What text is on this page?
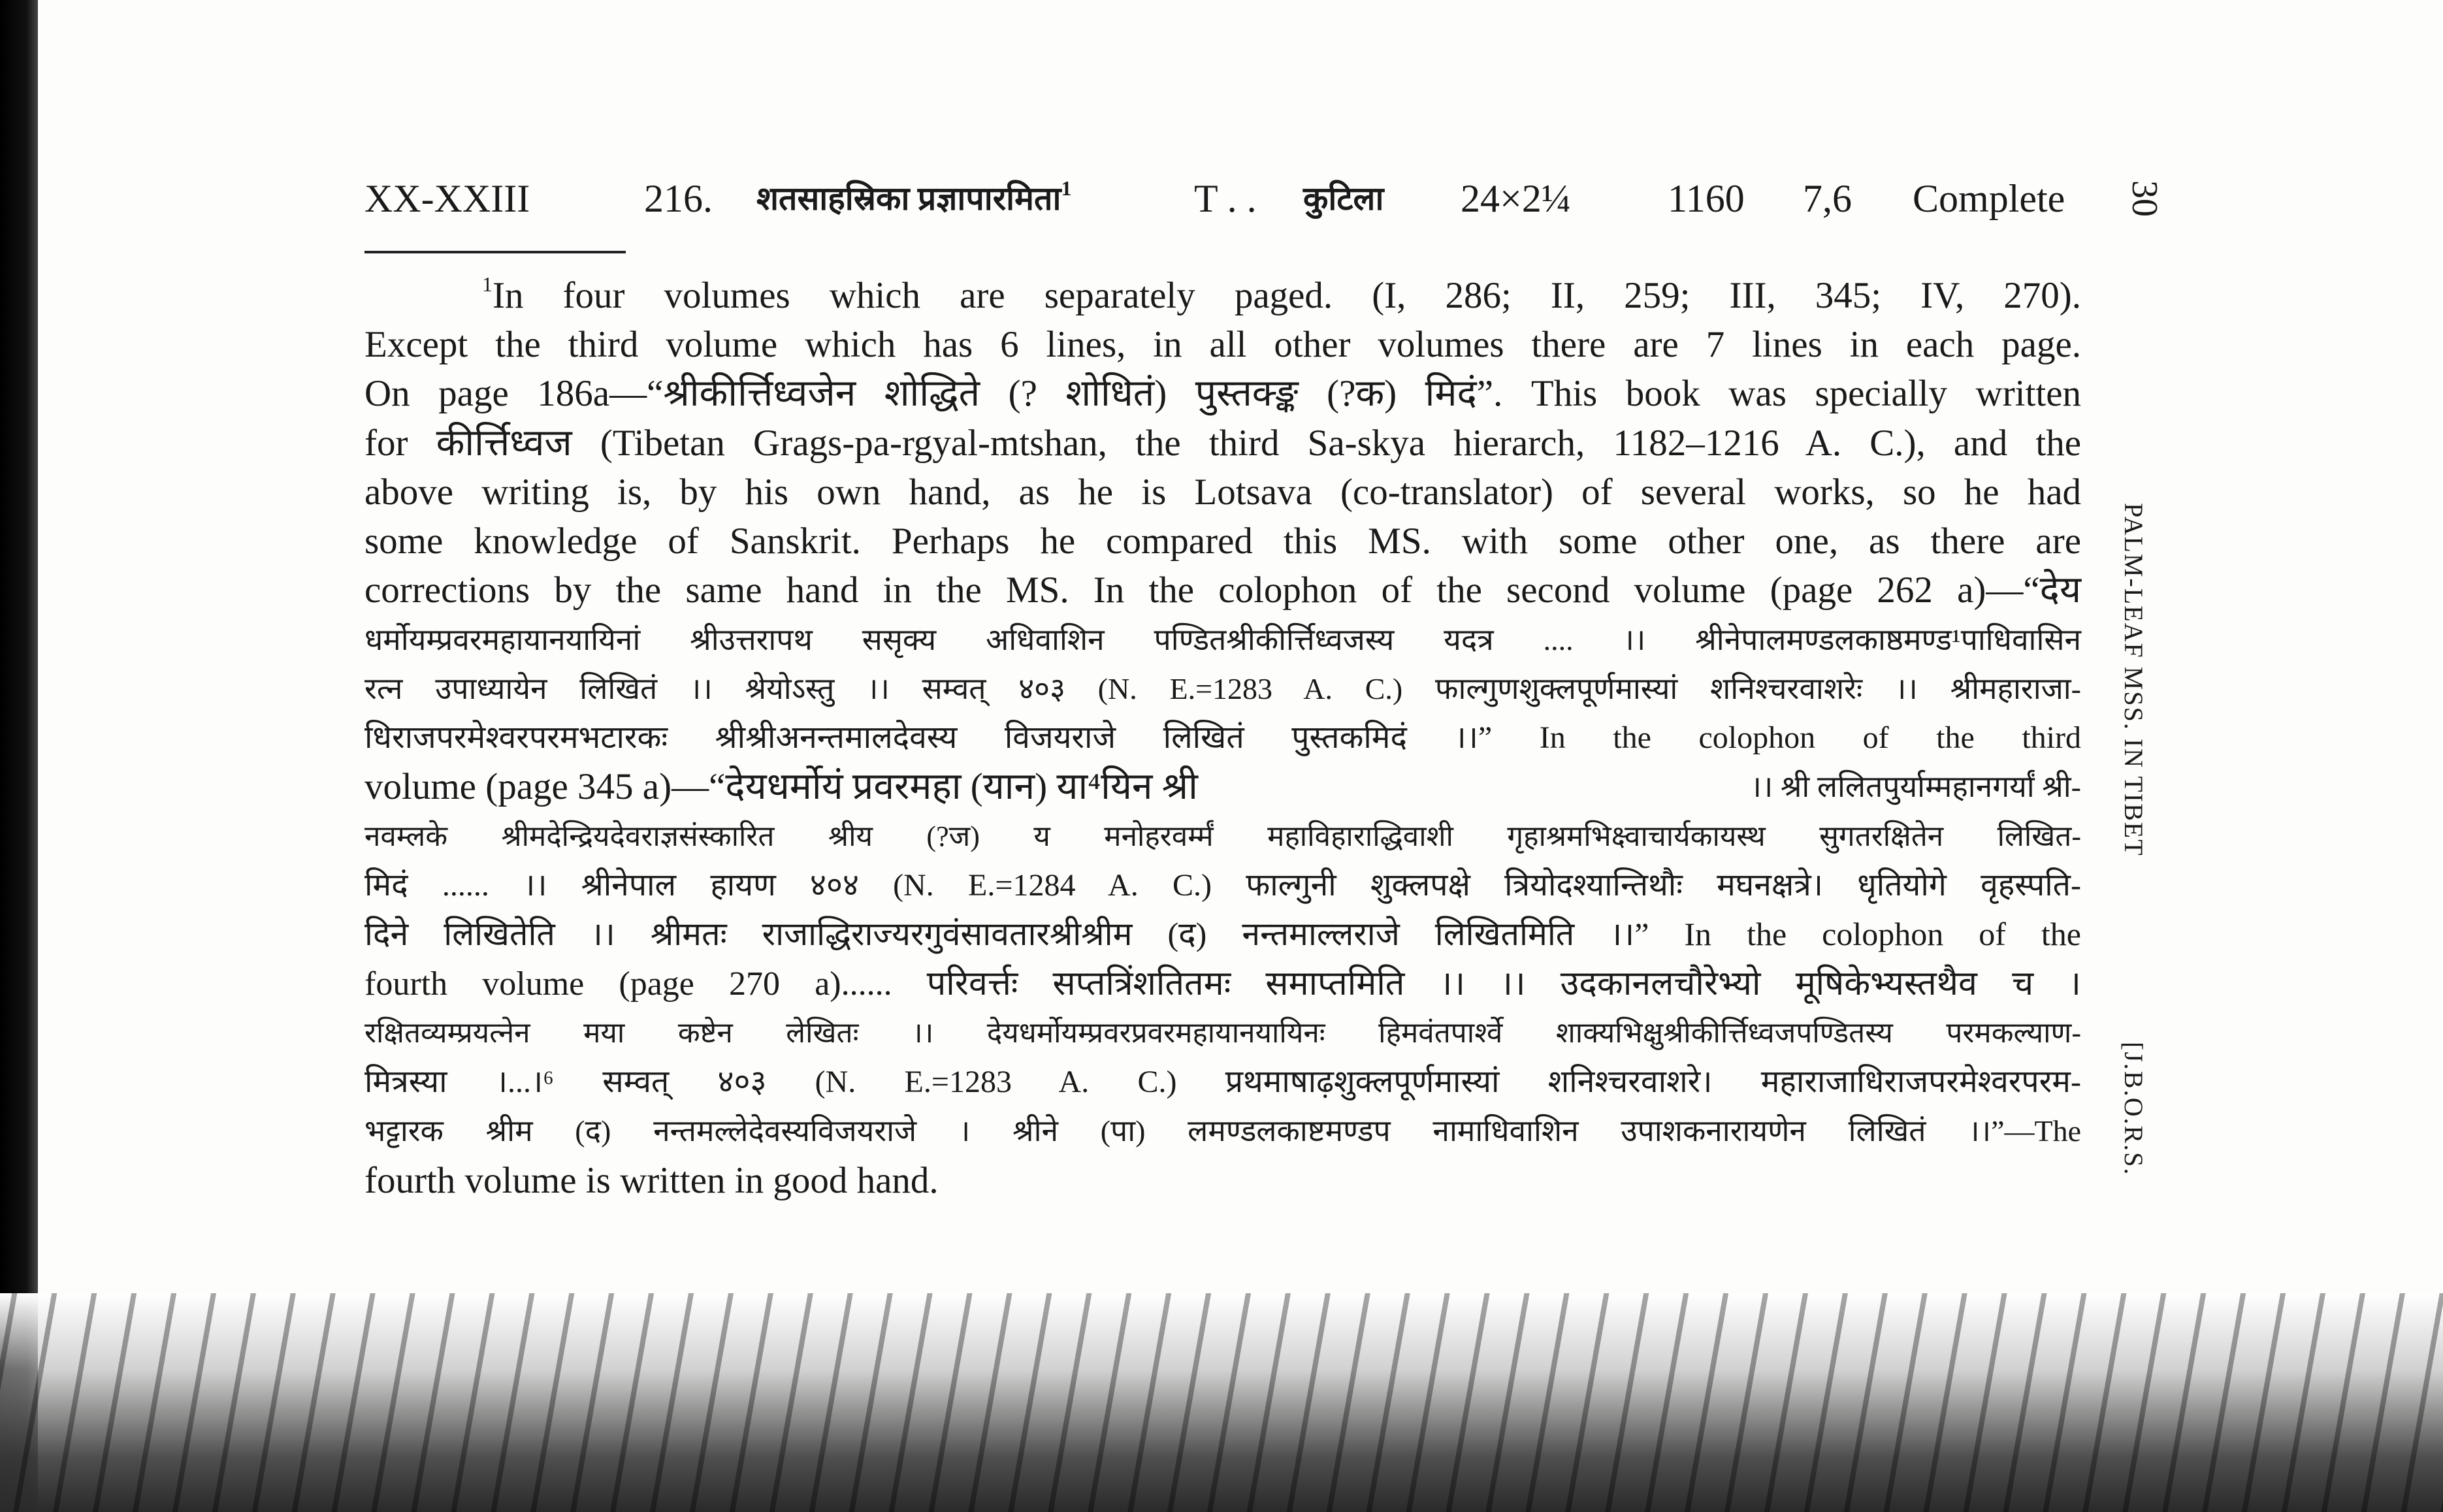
XX-XXIII	216. शतसाहस्रिका प्रज्ञापारमिता$^1$	T . . कुटिला 24×2¼ 1160 7,6 Complete 30
$^1$In four volumes which are separately paged. (I, 286; II, 259; III, 345; IV, 270).
Except the third volume which has 6 lines, in all other volumes there are 7 lines in each page.
On page 186a—“श्रीकीर्त्तिध्वजेन शोद्धिते (? शोधितं) पुस्तक्ङ्क (?क) मिदं”. This book was specially written
for कीर्त्तिध्वज (Tibetan Grags-pa-rgyal-mtshan, the third Sa-skya hierarch, 1182–1216 A. C.), and the
above writing is, by his own hand, as he is Lotsava (co-translator) of several works, so he had
some knowledge of Sanskrit. Perhaps he compared this MS. with some other one, as there are
corrections by the same hand in the MS. In the colophon of the second volume (page 262 a)—“देय
धर्मोयम्प्रवरमहायानयायिनां श्रीउत्तरापथ ससृक्य अधिवाशिन पण्डितश्रीकीर्त्तिध्वजस्य यदत्र .... ।। श्रीनेपालमण्डलकाष्ठमण्ड¹पाधिवासिन
रत्न उपाध्यायेन लिखितं ।। श्रेयोऽस्तु ।। सम्वत् ४०३ (N. E.=1283 A. C.) फाल्गुणशुक्लपूर्णमास्यां शनिश्चरवाशरेः ।। श्रीमहाराजा-
धिराजपरमेश्वरपरमभटारकः श्रीश्रीअनन्तमालदेवस्य विजयराजे लिखितं पुस्तकमिदं ।।” In the colophon of the third
volume (page 345 a)—“देयधर्मोयं प्रवरमहा (यान) या⁴यिन श्री	।। श्री ललितपुर्याम्महानगर्यां श्री-
नवम्लके श्रीमदेन्द्रियदेवराज्ञसंस्कारित श्रीय (?ज) य मनोहरवर्म्मं महाविहाराद्धिवाशी गृहाश्रमभिक्ष्वाचार्यकायस्थ सुगतरक्षितेन लिखित-
मिदं ...... ।। श्रीनेपाल हायण ४०४ (N. E.=1284 A. C.) फाल्गुनी शुक्लपक्षे त्रियोदश्यान्तिथौः मघनक्षत्रे। धृतियोगे वृहस्पति-
दिने लिखितेति ।। श्रीमतः राजाद्धिराज्यरगुवंसावतारश्रीश्रीम (द) नन्तमाल्लराजे लिखितमिति ।।” In the colophon of the
fourth volume (page 270 a)...... परिवर्त्तः सप्तत्रिंशतितमः समाप्तमिति ।। ।। उदकानलचौरेभ्यो मूषिकेभ्यस्तथैव च ।
रक्षितव्यम्प्रयत्नेन मया कष्टेन लेखितः ।। देयधर्मोयम्प्रवरप्रवरमहायानयायिनः हिमवंतपार्श्वे शाक्यभिक्षुश्रीकीर्त्तिध्वजपण्डितस्य परमकल्याण-
मित्रस्या ।...।⁶ सम्वत् ४०३ (N. E.=1283 A. C.) प्रथमाषाढ़शुक्लपूर्णमास्यां शनिश्चरवाशरे। महाराजाधिराजपरमेश्वरपरम-
भट्टारक श्रीम (द) नन्तमल्लेदेवस्यविजयराजे । श्रीने (पा) लमण्डलकाष्टमण्डप नामाधिवाशिन उपाशकनारायणेन लिखितं ।।”—The
fourth volume is written in good hand.
PALM-LEAF MSS. IN TIBET
[J.B.O.R.S.
